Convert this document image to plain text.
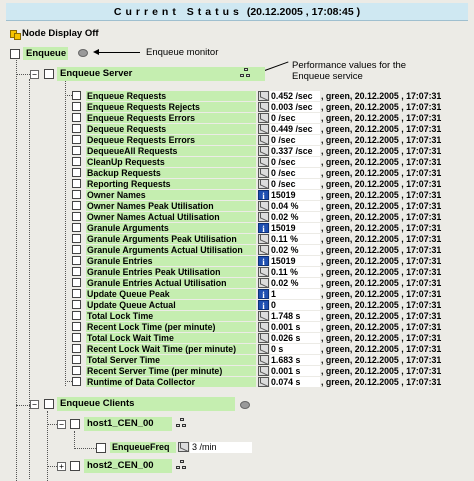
Current Status (20.12.2005 , 17:08:45 )
Node Display Off
Enqueue	Enqueue monitor
Performance values for the
Enqueue service
−	Enqueue Server
Enqueue Requests	0.452 /sec , green, 20.12.2005 , 17:07:31
Enqueue Requests Rejects	0.003 /sec , green, 20.12.2005 , 17:07:31
Enqueue Requests Errors	0 /sec	, green, 20.12.2005 , 17:07:31
Dequeue Requests	0.449 /sec , green, 20.12.2005 , 17:07:31
Dequeue Requests Errors	0 /sec	, green, 20.12.2005 , 17:07:31
DequeueAll Requests	0.337 /sce , green, 20.12.2005 , 17:07:31
CleanUp Requests	0 /sec	, green, 20.12.2005 , 17:07:31
Backup Requests	0 /sec	, green, 20.12.2005 , 17:07:31
Reporting Requests	0 /sec	, green, 20.12.2005 , 17:07:31
Owner Names	i 15019	, green, 20.12.2005 , 17:07:31
Owner Names Peak Utilisation	0.04 %	, green, 20.12.2005 , 17:07:31
Owner Names Actual Utilisation	0.02 %	, green, 20.12.2005 , 17:07:31
Granule Arguments	i 15019	, green, 20.12.2005 , 17:07:31
Granule Arguments Peak Utilisation	0.11 %	, green, 20.12.2005 , 17:07:31
Granule Arguments Actual Utilisation	0.02 %	, green, 20.12.2005 , 17:07:31
Granule Entries	i 15019	, green, 20.12.2005 , 17:07:31
Granule Entries Peak Utilisation	0.11 %	, green, 20.12.2005 , 17:07:31
Granule Entries Actual Utilisation	0.02 %	, green, 20.12.2005 , 17:07:31
Update Queue Peak	i 1	, green, 20.12.2005 , 17:07:31
Update Queue Actual	i 0	, green, 20.12.2005 , 17:07:31
Total Lock Time	1.748 s	, green, 20.12.2005 , 17:07:31
Recent Lock Time (per minute)	0.001 s	, green, 20.12.2005 , 17:07:31
Total Lock Wait Time	0.026 s	, green, 20.12.2005 , 17:07:31
Recent Lock Wait Time (per minute)	0 s	, green, 20.12.2005 , 17:07:31
Total Server Time	1.683 s	, green, 20.12.2005 , 17:07:31
Recent Server Time (per minute)	0.001 s	, green, 20.12.2005 , 17:07:31
Runtime of Data Collector	0.074 s	, green, 20.12.2005 , 17:07:31
−	Enqueue Clients
−	host1_CEN_00
EnqueueFreq	3 /min
+	host2_CEN_00
